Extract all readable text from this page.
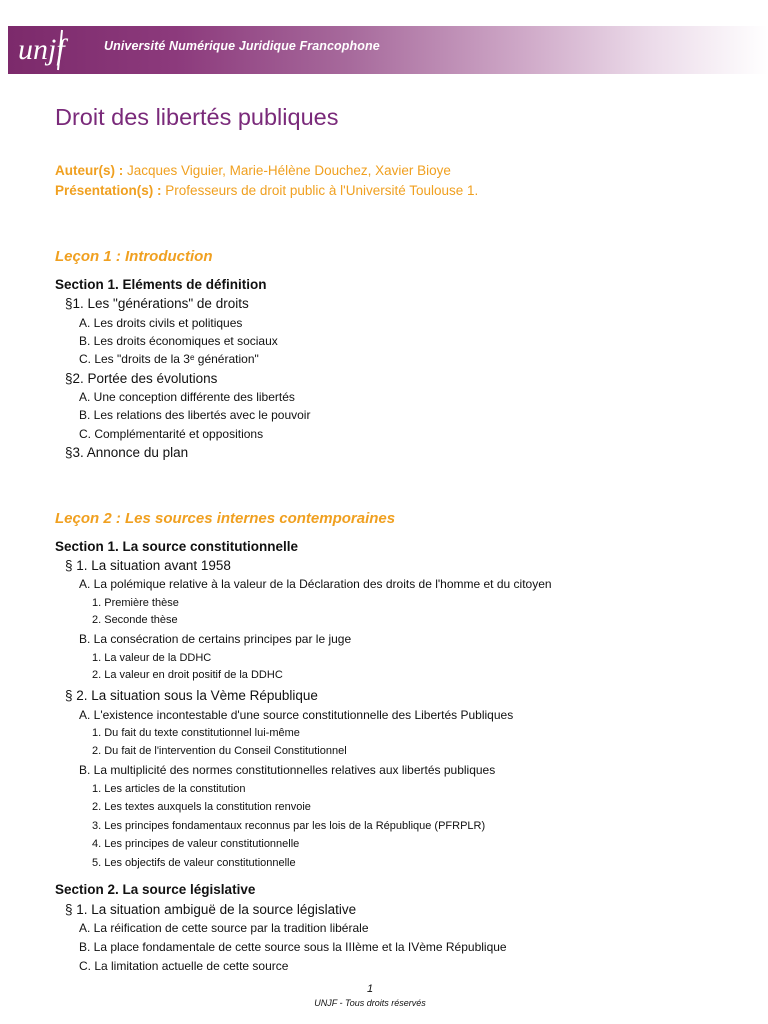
unjf	Université Numérique Juridique Francophone
Droit des libertés publiques
Auteur(s) : Jacques Viguier, Marie-Hélène Douchez, Xavier Bioye
Présentation(s) : Professeurs de droit public à l'Université Toulouse 1.
Leçon 1 : Introduction
Section 1. Eléments de définition
§1. Les "générations" de droits
A. Les droits civils et politiques
B. Les droits économiques et sociaux
C. Les "droits de la 3ᵉ génération"
§2. Portée des évolutions
A. Une conception différente des libertés
B. Les relations des libertés avec le pouvoir
C. Complémentarité et oppositions
§3. Annonce du plan
Leçon 2 : Les sources internes contemporaines
Section 1. La source constitutionnelle
§ 1. La situation avant 1958
A. La polémique relative à la valeur de la Déclaration des droits de l'homme et du citoyen
1. Première thèse
2. Seconde thèse
B. La consécration de certains principes par le juge
1. La valeur de la DDHC
2. La valeur en droit positif de la DDHC
§ 2. La situation sous la Vème République
A. L'existence incontestable d'une source constitutionnelle des Libertés Publiques
1. Du fait du texte constitutionnel lui-même
2. Du fait de l'intervention du Conseil Constitutionnel
B. La multiplicité des normes constitutionnelles relatives aux libertés publiques
1. Les articles de la constitution
2. Les textes auxquels la constitution renvoie
3. Les principes fondamentaux reconnus par les lois de la République (PFRPLR)
4. Les principes de valeur constitutionnelle
5. Les objectifs de valeur constitutionnelle
Section 2. La source législative
§ 1. La situation ambiguë de la source législative
A. La réification de cette source par la tradition libérale
B. La place fondamentale de cette source sous la IIIème et la IVème République
C. La limitation actuelle de cette source
1
UNJF - Tous droits réservés
